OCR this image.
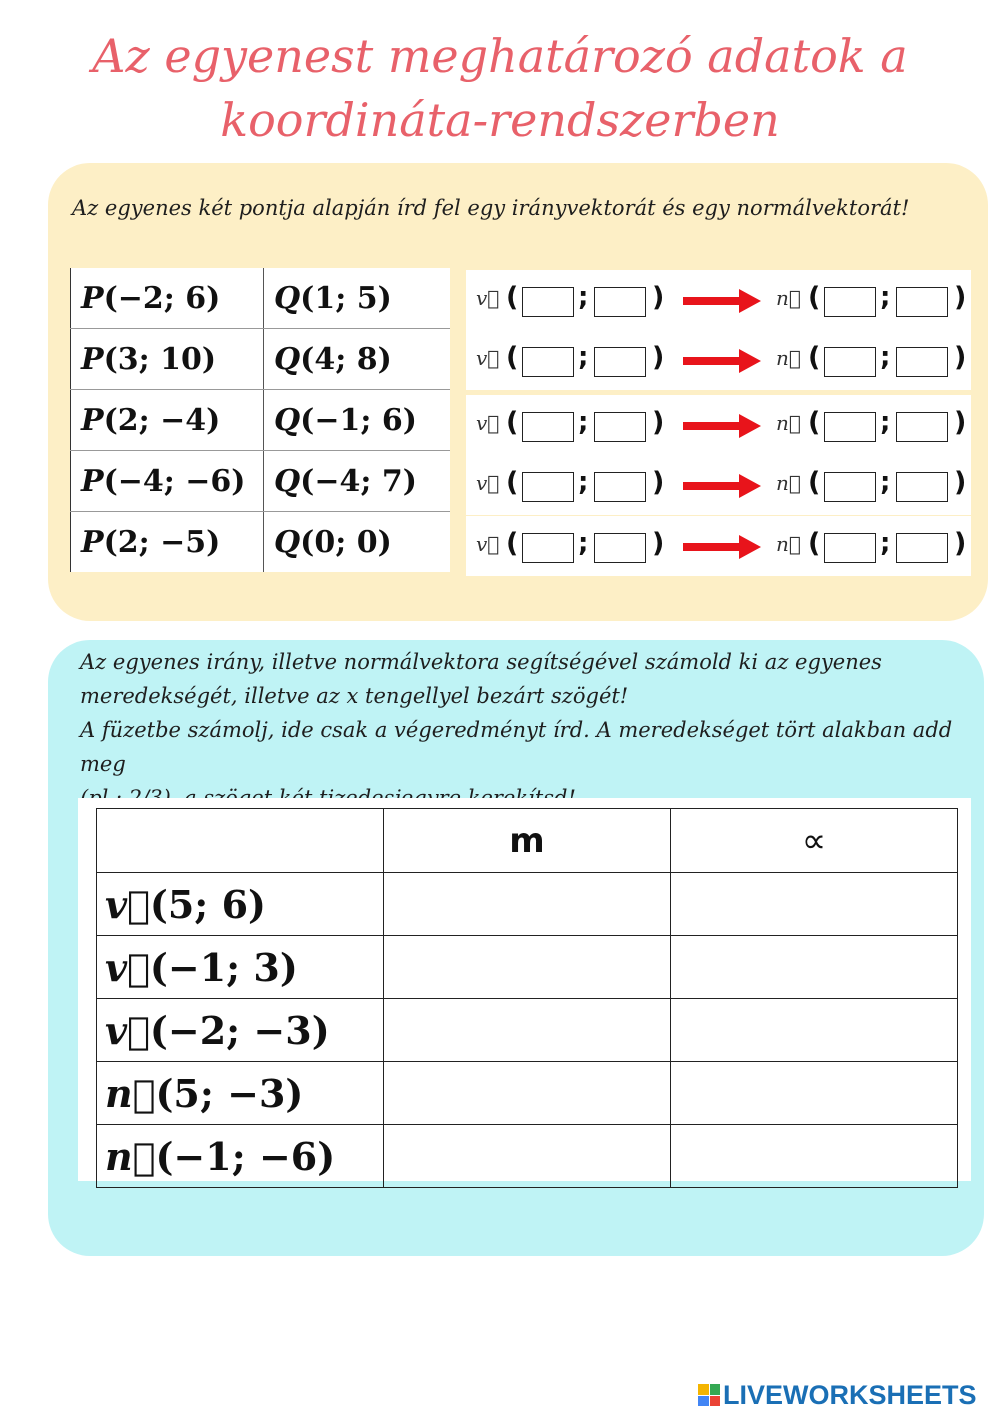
Az egyenest meghatározó adatok a
koordináta-rendszerben

Az egyenes két pontja alapján írd fel egy irányvektorát és egy normálvektorát!

P(−2; 6)	Q(1; 5)
P(3; 10)	Q(4; 8)
P(2; −4)	Q(−1; 6)
P(−4; −6)	Q(−4; 7)
P(2; −5)	Q(0; 0)
v⃗ ( ; )	n⃗ ( ; )
v⃗ ( ; )	n⃗ ( ; )
v⃗ ( ; )	n⃗ ( ; )
v⃗ ( ; )	n⃗ ( ; )
v⃗ ( ; )	n⃗ ( ; )
Az egyenes irány, illetve normálvektora segítségével számold ki az egyenes
meredekségét, illetve az x tengellyel bezárt szögét!
A füzetbe számolj, ide csak a végeredményt írd. A meredekséget tört alakban add meg
	m	∝
v⃗(5; 6)		
v⃗(−1; 3)		
v⃗(−2; −3)		
n⃗(5; −3)		
n⃗(−1; −6)		
LIVEWORKSHEETS
